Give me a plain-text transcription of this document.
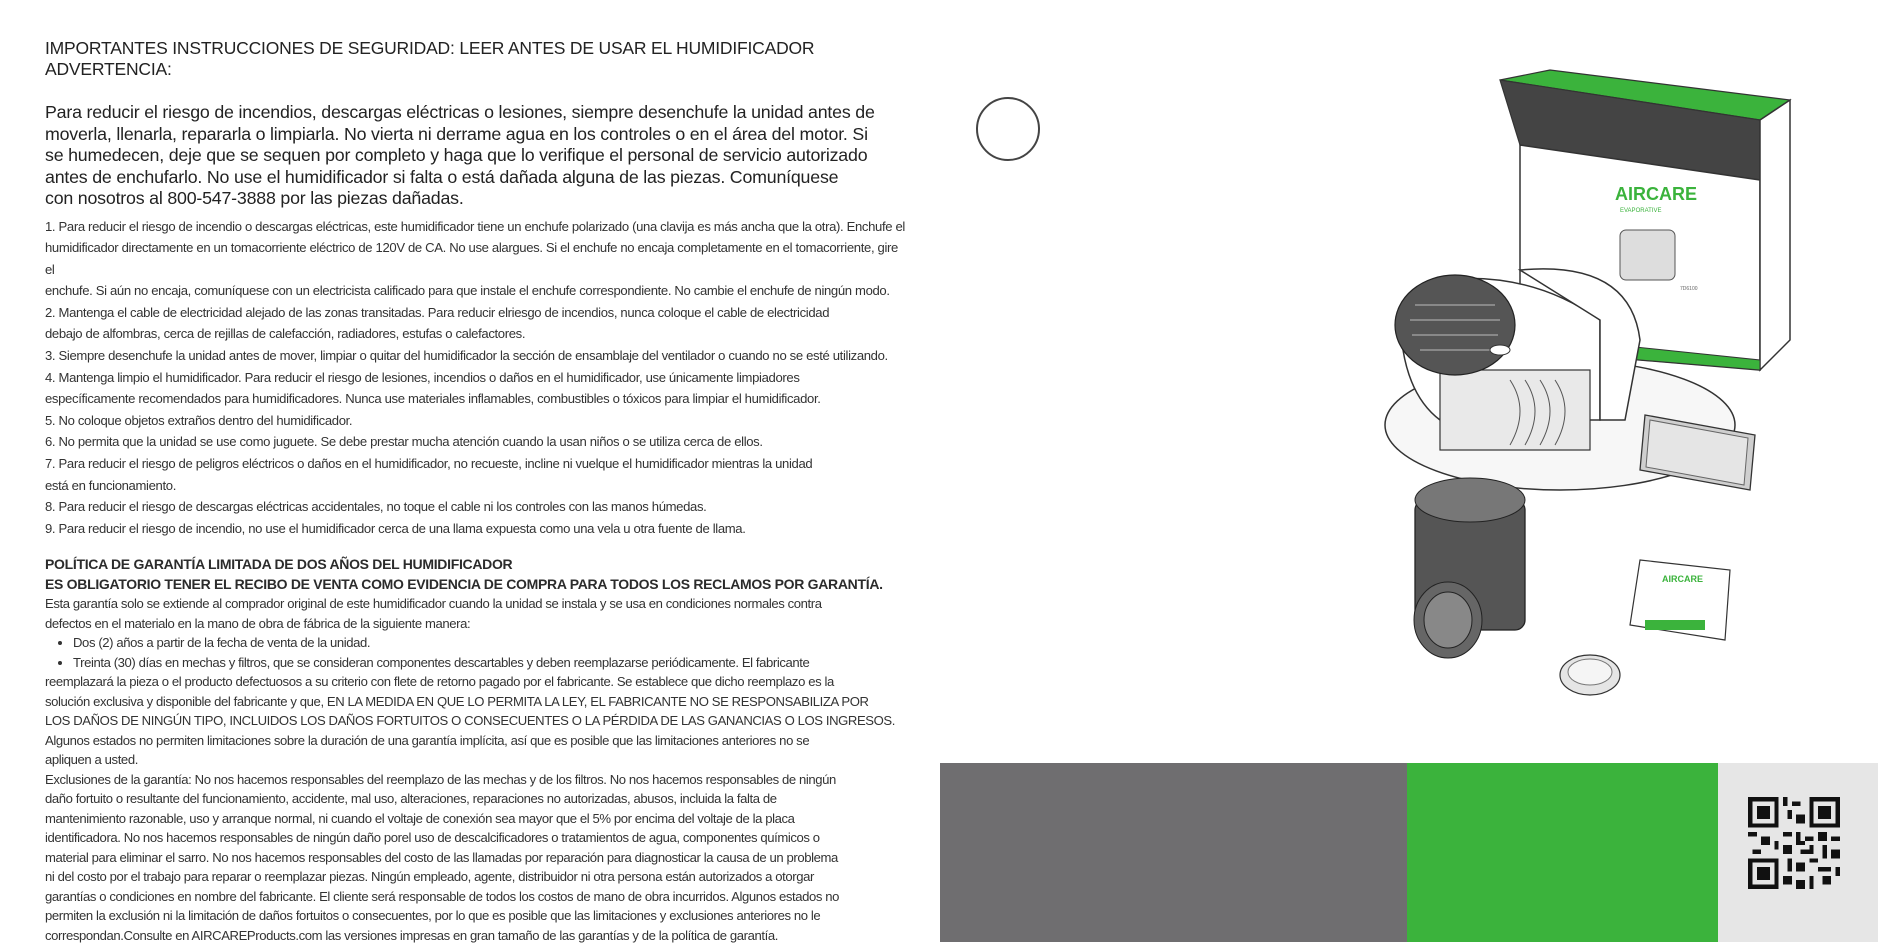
IMPORTANTES INSTRUCCIONES DE SEGURIDAD: LEER ANTES DE USAR EL HUMIDIFICADOR ADVERTENCIA:
Para reducir el riesgo de incendios, descargas eléctricas o lesiones, siempre desenchufe la unidad antes de
moverla, llenarla, repararla o limpiarla. No vierta ni derrame agua en los controles o en el área del motor. Si
se humedecen, deje que se sequen por completo y haga que lo verifique el personal de servicio autorizado
antes de enchufarlo. No use el humidificador si falta o está dañada alguna de las piezas. Comuníquese
con nosotros al 800-547-3888 por las piezas dañadas.
1. Para reducir el riesgo de incendio o descargas eléctricas, este humidificador tiene un enchufe polarizado (una clavija es más ancha que la otra). Enchufe el
humidificador directamente en un tomacorriente eléctrico de 120V de CA. No use alargues. Si el enchufe no encaja completamente en el tomacorriente, gire el
enchufe. Si aún no encaja, comuníquese con un electricista calificado para que instale el enchufe correspondiente. No cambie el enchufe de ningún modo.
2. Mantenga el cable de electricidad alejado de las zonas transitadas. Para reducir elriesgo de incendios, nunca coloque el cable de electricidad
debajo de alfombras, cerca de rejillas de calefacción, radiadores, estufas o calefactores.
3. Siempre desenchufe la unidad antes de mover, limpiar o quitar del humidificador la sección de ensamblaje del ventilador o cuando no se esté utilizando.
4. Mantenga limpio el humidificador. Para reducir el riesgo de lesiones, incendios o daños en el humidificador, use únicamente limpiadores
específicamente recomendados para humidificadores. Nunca use materiales inflamables, combustibles o tóxicos para limpiar el humidificador.
5. No coloque objetos extraños dentro del humidificador.
6. No permita que la unidad se use como juguete. Se debe prestar mucha atención cuando la usan niños o se utiliza cerca de ellos.
7. Para reducir el riesgo de peligros eléctricos o daños en el humidificador, no recueste, incline ni vuelque el humidificador mientras la unidad
está en funcionamiento.
8. Para reducir el riesgo de descargas eléctricas accidentales, no toque el cable ni los controles con las manos húmedas.
9. Para reducir el riesgo de incendio, no use el humidificador cerca de una llama expuesta como una vela u otra fuente de llama.
POLÍTICA DE GARANTÍA LIMITADA DE DOS AÑOS DEL HUMIDIFICADOR
ES OBLIGATORIO TENER EL RECIBO DE VENTA COMO EVIDENCIA DE COMPRA PARA TODOS LOS RECLAMOS POR GARANTÍA.

Esta garantía solo se extiende al comprador original de este humidificador cuando la unidad se instala y se usa en condiciones normales contra

defectos en el materialo en la mano de obra de fábrica de la siguiente manera:

• Dos (2) años a partir de la fecha de venta de la unidad.
• Treinta (30) días en mechas y filtros, que se consideran componentes descartables y deben reemplazarse periódicamente. El fabricante

reemplazará la pieza o el producto defectuosos a su criterio con flete de retorno pagado por el fabricante. Se establece que dicho reemplazo es la

solución exclusiva y disponible del fabricante y que, EN LA MEDIDA EN QUE LO PERMITA LA LEY, EL FABRICANTE NO SE RESPONSABILIZA POR

LOS DAÑOS DE NINGÚN TIPO, INCLUIDOS LOS DAÑOS FORTUITOS O CONSECUENTES O LA PÉRDIDA DE LAS GANANCIAS O LOS INGRESOS.

Algunos estados no permiten limitaciones sobre la duración de una garantía implícita, así que es posible que las limitaciones anteriores no se

apliquen a usted.

Exclusiones de la garantía: No nos hacemos responsables del reemplazo de las mechas y de los filtros. No nos hacemos responsables de ningún

daño fortuito o resultante del funcionamiento, accidente, mal uso, alteraciones, reparaciones no autorizadas, abusos, incluida la falta de

mantenimiento razonable, uso y arranque normal, ni cuando el voltaje de conexión sea mayor que el 5% por encima del voltaje de la placa

identificadora. No nos hacemos responsables de ningún daño porel uso de descalcificadores o tratamientos de agua, componentes químicos o

material para eliminar el sarro. No nos hacemos responsables del costo de las llamadas por reparación para diagnosticar la causa de un problema

ni del costo por el trabajo para reparar o reemplazar piezas. Ningún empleado, agente, distribuidor ni otra persona están autorizados a otorgar

garantías o condiciones en nombre del fabricante. El cliente será responsable de todos los costos de mano de obra incurridos. Algunos estados no

permiten la exclusión ni la limitación de daños fortuitos o consecuentes, por lo que es posible que las limitaciones y exclusiones anteriores no le

correspondan.Consulte en AIRCAREProducts.com las versiones impresas en gran tamaño de las garantías y de la política de garantía.

AIRCARE
EVAPORATIVE
7D6100
AIRCARE
